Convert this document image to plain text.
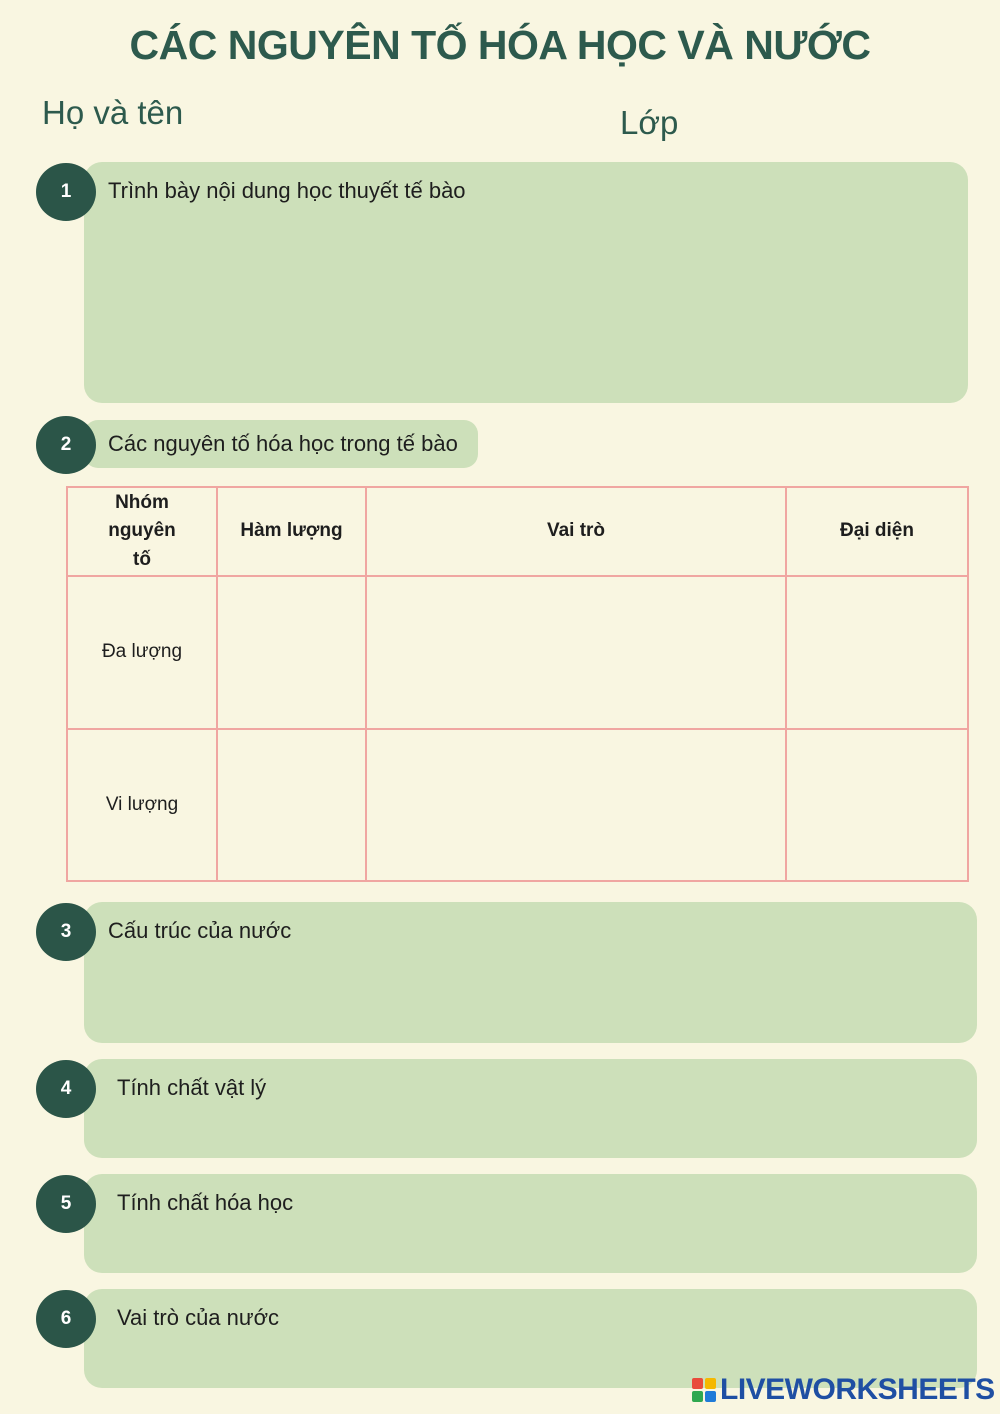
CÁC NGUYÊN TỐ HÓA HỌC VÀ NƯỚC
Họ và tên	Lớp
1	Trình bày nội dung học thuyết tế bào
2	Các nguyên tố hóa học trong tế bào
Nhóm nguyên tố	Hàm lượng	Vai trò	Đại diện
Đa lượng			
Vi lượng			
3	Cấu trúc của nước
4	Tính chất vật lý
5	Tính chất hóa học
6	Vai trò của nước
LIVEWORKSHEETS
